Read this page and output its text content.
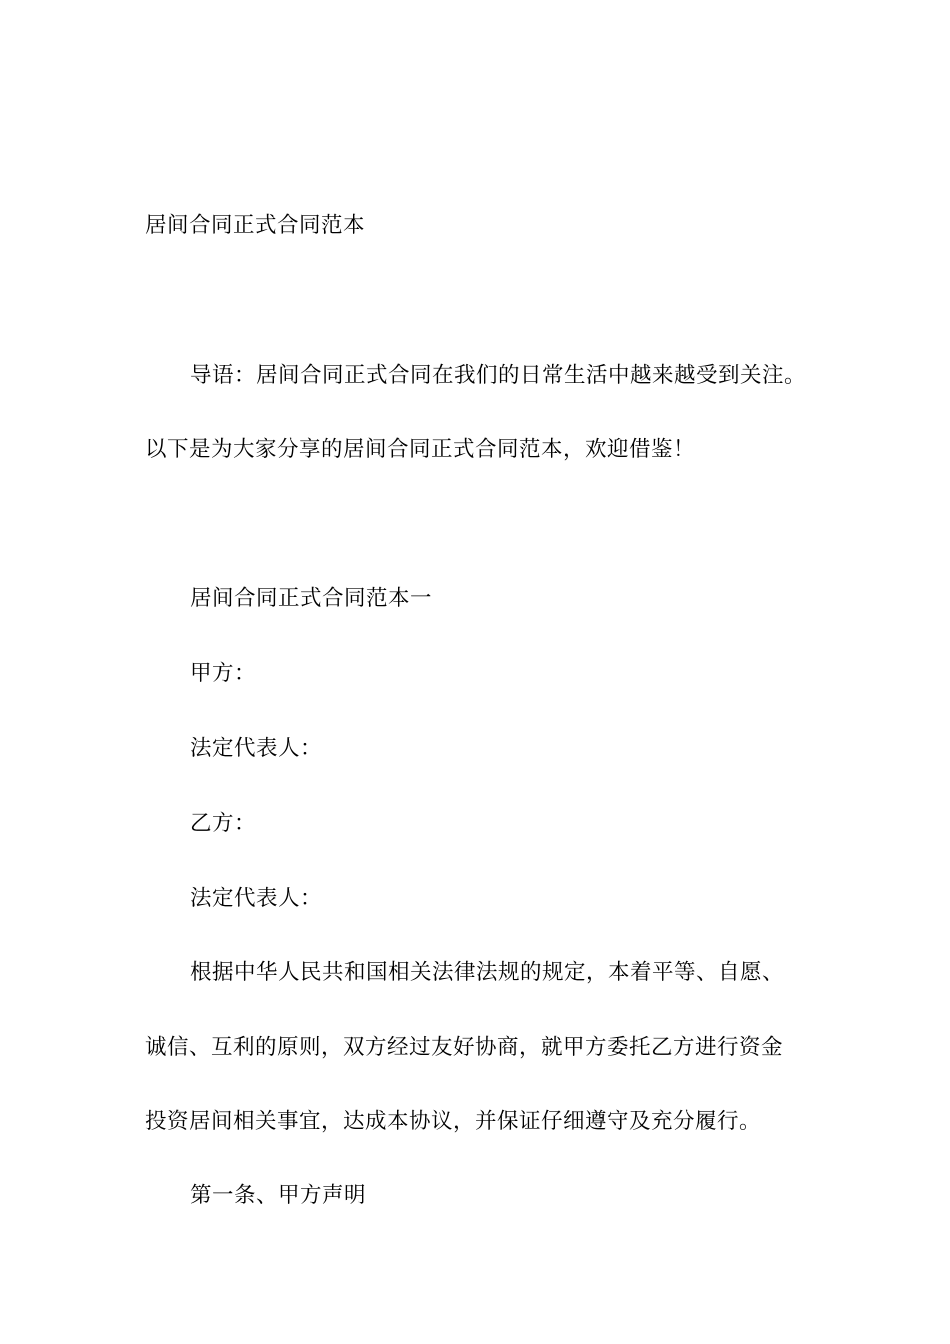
居间合同正式合同范本
导语：居间合同正式合同在我们的日常生活中越来越受到关注。
以下是为大家分享的居间合同正式合同范本，欢迎借鉴！
居间合同正式合同范本一
甲方：
法定代表人：
乙方：
法定代表人：
根据中华人民共和国相关法律法规的规定，本着平等、自愿、
诚信、互利的原则，双方经过友好协商，就甲方委托乙方进行资金
投资居间相关事宜，达成本协议，并保证仔细遵守及充分履行。
第一条、甲方声明
